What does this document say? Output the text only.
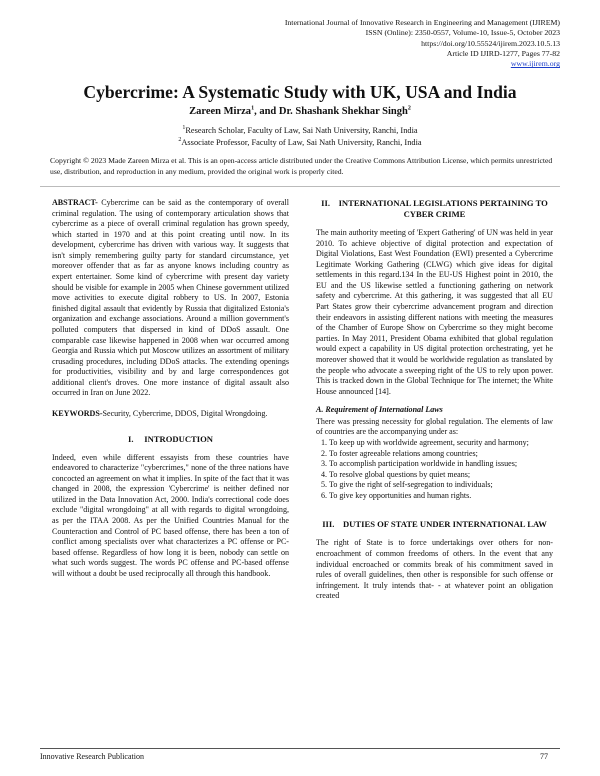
International Journal of Innovative Research in Engineering and Management (IJIREM)
ISSN (Online): 2350-0557, Volume-10, Issue-5, October 2023
https://doi.org/10.55524/ijirem.2023.10.5.13
Article ID IJIRD-1277, Pages 77-82
www.ijirem.org
Cybercrime: A Systematic Study with UK, USA and India
Zareen Mirza$^1$, and Dr. Shashank Shekhar Singh$^2$
$^1$Research Scholar, Faculty of Law, Sai Nath University, Ranchi, India
$^2$Associate Professor, Faculty of Law, Sai Nath University, Ranchi, India
Copyright © 2023 Made Zareen Mirza et al. This is an open-access article distributed under the Creative Commons Attribution License, which permits unrestricted use, distribution, and reproduction in any medium, provided the original work is properly cited.

ABSTRACT- Cybercrime can be said as the contemporary of overall criminal regulation. The using of contemporary articulation shows that cybercrime as a piece of overall criminal regulation has grown speedy, which started in 1970 and at this point creating until now. In its development, cybercrime has driven with various way. It suggests that isn't simply remembering guilty party for standard circumstance, yet moreover offender that as far as anyone knows including country as expert entertainer. Some kind of cybercrime with present day variety should be visible for example in 2005 when Chinese government utilized move activities to execute digital robbery to US. In 2007, Estonia finished digital assault that evidently by Russia that digitalized Estonia's organization and exchange associations. Around a million government's polluted computers that dispersed in kind of DDoS assault. One comparable case likewise happened in 2008 when war occurred among Georgia and Russia which put Moscow utilizes an assortment of military crusading procedures, including DDoS attacks. The extending openings for productivities, visibility and by and large correspondences got additional client's droves. One more instance of digital assault also occurred in Iran on June 2022.

KEYWORDS-Security, Cybercrime, DDOS, Digital Wrongdoing.

I. INTRODUCTION

Indeed, even while different essayists from these countries have endeavored to characterize "cybercrimes," none of the three nations have concocted an agreement on what it implies. In spite of the fact that it was changed in 2008, the expression 'Cybercrime' is neither defined nor utilized in the Data Innovation Act, 2000. India's correctional code does exclude "digital wrongdoing" at all with regards to digital wrongdoing, as per the ITAA 2008. As per the Unified Countries Manual for the Counteraction and Control of PC based offense, there has been a ton of conflict among specialists over what characterizes a PC offense or PC-based offense. Regardless of how long it is been, nobody can settle on what such words suggest. The words PC offense and PC-based offense will without a doubt be used reciprocally all through this handbook.

II. INTERNATIONAL LEGISLATIONS PERTAINING TO CYBER CRIME

The main authority meeting of 'Expert Gathering' of UN was held in year 2010. To achieve objective of digital protection and expectation of Digital Violations, East West Foundation (EWI) presented a Cybercrime Legitimate Working Gathering (CLWG) which give ideas for digital settlements in this regard.134 In the EU-US Highest point in 2010, the EU and the US likewise settled a functioning gathering on network safety and cybercrime. At this gathering, it was suggested that all EU Part States grow their cybercrime advancement program and direction their endeavors in assisting different nations with meeting the measures of the Chamber of Europe Show on Cybercrime so they might become parties. In May 2011, President Obama exhibited that global regulation would expect a capability in US digital protection orchestrating, yet he moreover showed that it would be worldwide regulation as translated by the people who advocate a sweeping right of the US to rely upon power. This is tracked down in the Global Technique for The internet; the White House announced [14].

A. Requirement of International Laws

There was pressing necessity for global regulation. The elements of law of countries are the accompanying under as:

1. To keep up with worldwide agreement, security and harmony;
2. To foster agreeable relations among countries;
3. To accomplish participation worldwide in handling issues;
4. To resolve global questions by quiet means;
5. To give the right of self-segregation to individuals;
6. To give key opportunities and human rights.
III. DUTIES OF STATE UNDER INTERNATIONAL LAW

The right of State is to force undertakings over others for non-encroachment of common freedoms of others. In the event that any individual encroached or commits break of his commitment saved in rules of overall guidelines, then other is responsible for such offense or infringement. It truly intends that- - at whatever point an obligation created

Innovative Research Publication	77
